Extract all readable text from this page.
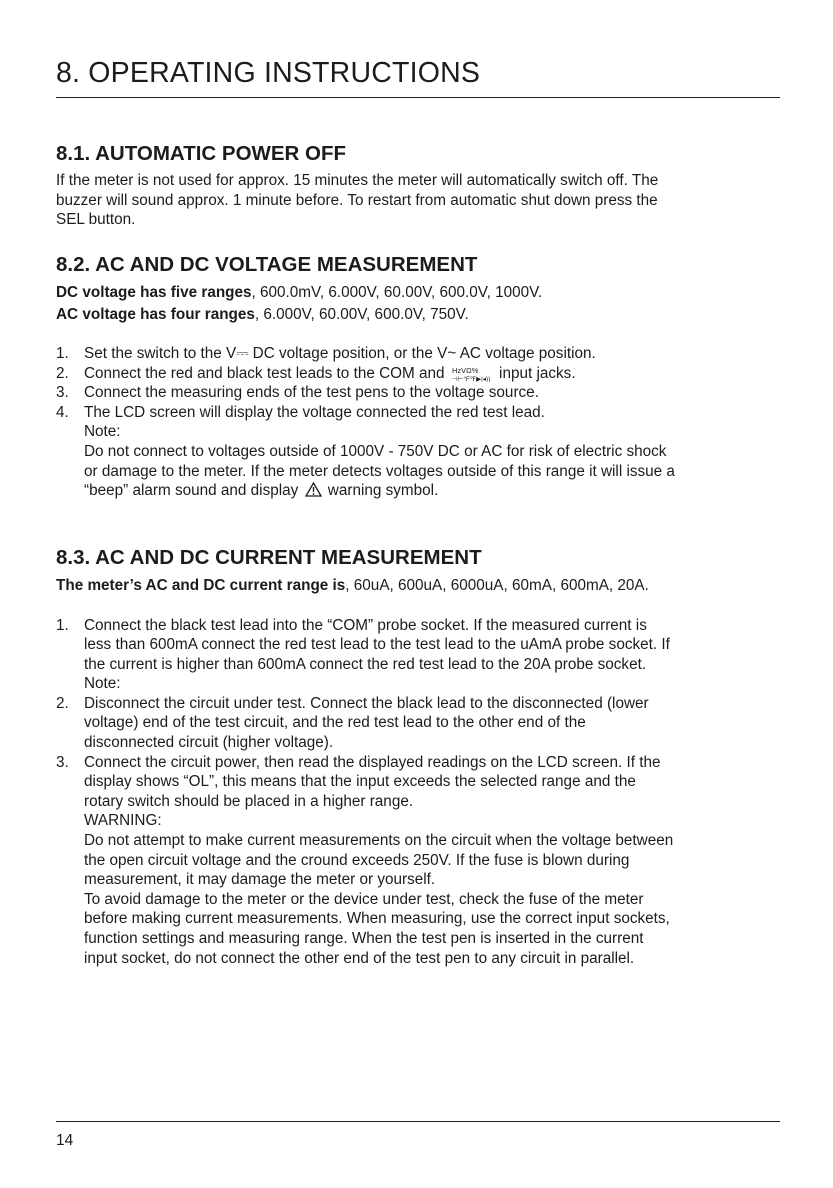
8. OPERATING INSTRUCTIONS
8.1. AUTOMATIC POWER OFF

If the meter is not used for approx. 15 minutes the meter will automatically switch off. The

buzzer will sound approx. 1 minute before. To restart from automatic shut down press the

SEL button.

8.2. AC AND DC VOLTAGE MEASUREMENT

DC voltage has five ranges, 600.0mV, 6.000V, 60.00V, 600.0V, 1000V.

AC voltage has four ranges, 6.000V, 60.00V, 600.0V, 750V.

1. Set the switch to the V⎓ DC voltage position, or the V~ AC voltage position.
2. Connect the red and black test leads to the COM and HzVΩ%
⊣⊢°F℉▶|◂)) input jacks.
3. Connect the measuring ends of the test pens to the voltage source.
4. The LCD screen will display the voltage connected the red test lead.
Note:
Do not connect to voltages outside of 1000V - 750V DC or AC for risk of electric shock
or damage to the meter. If the meter detects voltages outside of this range it will issue a
“beep” alarm sound and display  warning symbol.
8.3. AC AND DC CURRENT MEASUREMENT

The meter’s AC and DC current range is, 60uA, 600uA, 6000uA, 60mA, 600mA, 20A.

1. Connect the black test lead into the “COM” probe socket. If the measured current is
less than 600mA connect the red test lead to the test lead to the uAmA probe socket. If
the current is higher than 600mA connect the red test lead to the 20A probe socket.
Note:
2. Disconnect the circuit under test. Connect the black lead to the disconnected (lower
voltage) end of the test circuit, and the red test lead to the other end of the
disconnected circuit (higher voltage).
3. Connect the circuit power, then read the displayed readings on the LCD screen. If the
display shows “OL”, this means that the input exceeds the selected range and the
rotary switch should be placed in a higher range.
WARNING:
Do not attempt to make current measurements on the circuit when the voltage between
the open circuit voltage and the cround exceeds 250V. If the fuse is blown during
measurement, it may damage the meter or yourself.
To avoid damage to the meter or the device under test, check the fuse of the meter
before making current measurements. When measuring, use the correct input sockets,
function settings and measuring range. When the test pen is inserted in the current
input socket, do not connect the other end of the test pen to any circuit in parallel.
14
